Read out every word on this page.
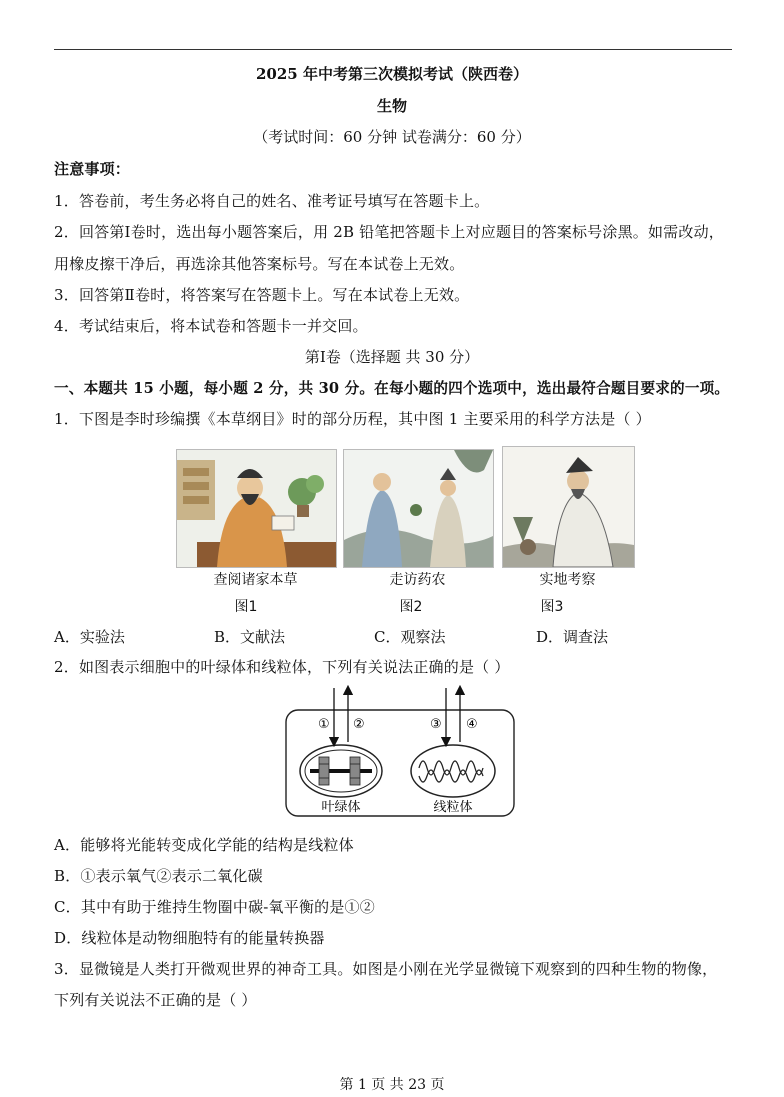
2025 年中考第三次模拟考试（陕西卷）
生物
（考试时间：60 分钟 试卷满分：60 分）
注意事项：
1．答卷前，考生务必将自己的姓名、准考证号填写在答题卡上。
2．回答第Ⅰ卷时，选出每小题答案后，用 2B 铅笔把答题卡上对应题目的答案标号涂黑。如需改动，
用橡皮擦干净后，再选涂其他答案标号。写在本试卷上无效。
3．回答第Ⅱ卷时，将答案写在答题卡上。写在本试卷上无效。
4．考试结束后，将本试卷和答题卡一并交回。
第Ⅰ卷（选择题 共 30 分）
一、本题共 15 小题，每小题 2 分，共 30 分。在每小题的四个选项中，选出最符合题目要求的一项。
1．下图是李时珍编撰《本草纲目》时的部分历程，其中图 1 主要采用的科学方法是（ ）
查阅诸家本草	走访药农	实地考察
图1	图2	图3
A．实验法	B．文献法	C．观察法	D．调查法
2．如图表示细胞中的叶绿体和线粒体，下列有关说法正确的是（ ）
① ②	③ ④
叶绿体	线粒体
A．能够将光能转变成化学能的结构是线粒体
B．①表示氧气②表示二氧化碳
C．其中有助于维持生物圈中碳-氧平衡的是①②
D．线粒体是动物细胞特有的能量转换器
3．显微镜是人类打开微观世界的神奇工具。如图是小刚在光学显微镜下观察到的四种生物的物像，
下列有关说法不正确的是（ ）
第 1 页 共 23 页
